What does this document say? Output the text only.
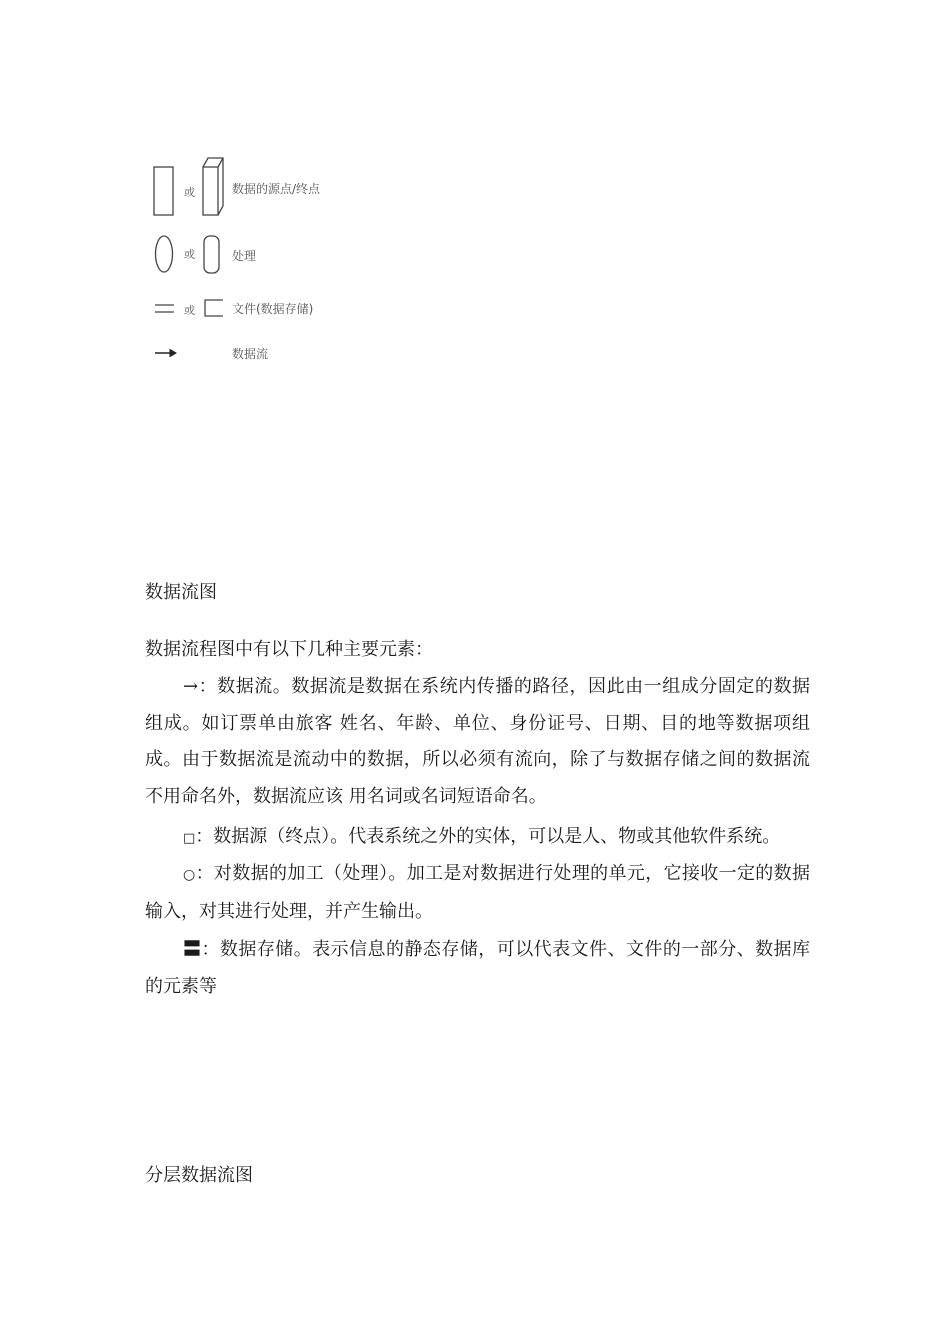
或
或
或
数据的源点/终点
处理
文件(数据存储)
数据流
数据流图
数据流程图中有以下几种主要元素：
→：数据流。数据流是数据在系统内传播的路径，因此由一组成分固定的数据组成。如订票单由旅客 姓名、年龄、单位、身份证号、日期、目的地等数据项组成。由于数据流是流动中的数据，所以必须有流向，除了与数据存储之间的数据流不用命名外，数据流应该 用名词或名词短语命名。
□：数据源（终点）。代表系统之外的实体，可以是人、物或其他软件系统。
○：对数据的加工（处理）。加工是对数据进行处理的单元，它接收一定的数据输入，对其进行处理，并产生输出。
〓：数据存储。表示信息的静态存储，可以代表文件、文件的一部分、数据库的元素等
分层数据流图
